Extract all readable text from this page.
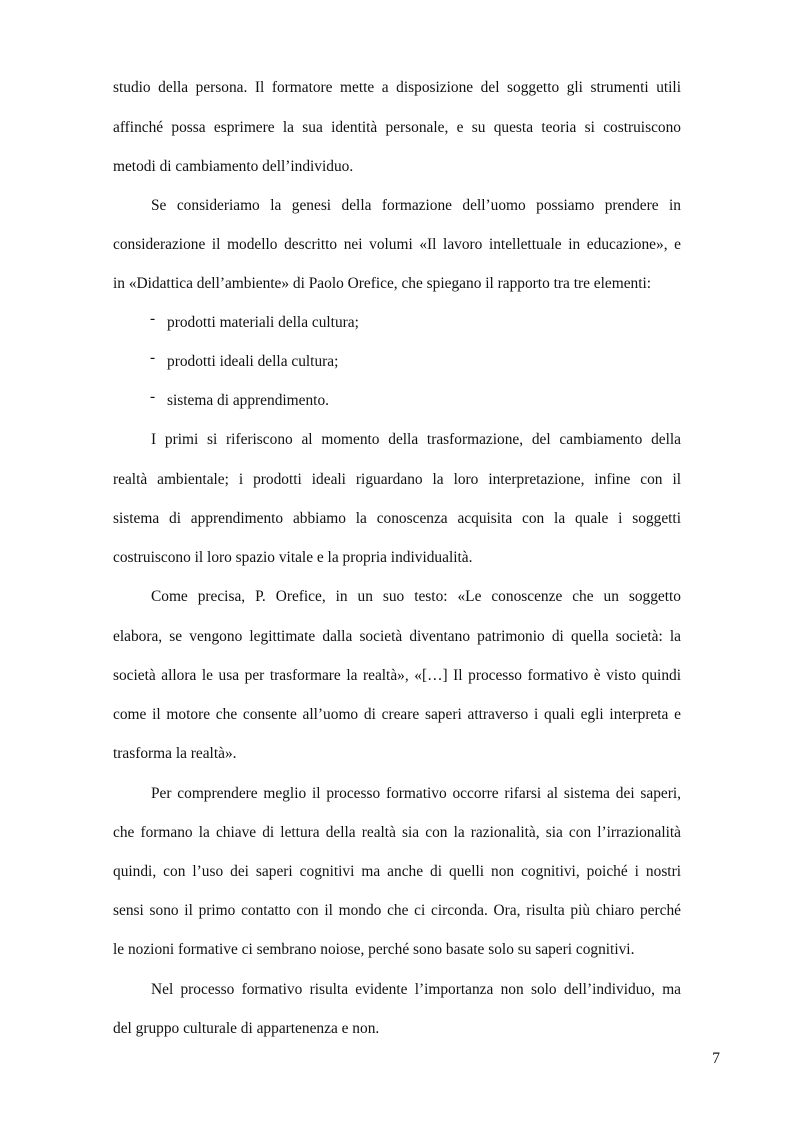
studio della persona. Il formatore mette a disposizione del soggetto gli strumenti utili
affinché possa esprimere la sua identità personale, e su questa teoria si costruiscono
metodi di cambiamento dell’individuo.
Se consideriamo la genesi della formazione dell’uomo possiamo prendere in
considerazione il modello descritto nei volumi «Il lavoro intellettuale in educazione», e
in «Didattica dell’ambiente» di Paolo Orefice, che spiegano il rapporto tra tre elementi:
- prodotti materiali della cultura;
- prodotti ideali della cultura;
- sistema di apprendimento.
I primi si riferiscono al momento della trasformazione, del cambiamento della
realtà ambientale; i prodotti ideali riguardano la loro interpretazione, infine con il
sistema di apprendimento abbiamo la conoscenza acquisita con la quale i soggetti
costruiscono il loro spazio vitale e la propria individualità.
Come precisa, P. Orefice, in un suo testo: «Le conoscenze che un soggetto
elabora, se vengono legittimate dalla società diventano patrimonio di quella società: la
società allora le usa per trasformare la realtà», «[…] Il processo formativo è visto quindi
come il motore che consente all’uomo di creare saperi attraverso i quali egli interpreta e
trasforma la realtà».
Per comprendere meglio il processo formativo occorre rifarsi al sistema dei saperi,
che formano la chiave di lettura della realtà sia con la razionalità, sia con l’irrazionalità
quindi, con l’uso dei saperi cognitivi ma anche di quelli non cognitivi, poiché i nostri
sensi sono il primo contatto con il mondo che ci circonda. Ora, risulta più chiaro perché
le nozioni formative ci sembrano noiose, perché sono basate solo su saperi cognitivi.
Nel processo formativo risulta evidente l’importanza non solo dell’individuo, ma
del gruppo culturale di appartenenza e non.
7
